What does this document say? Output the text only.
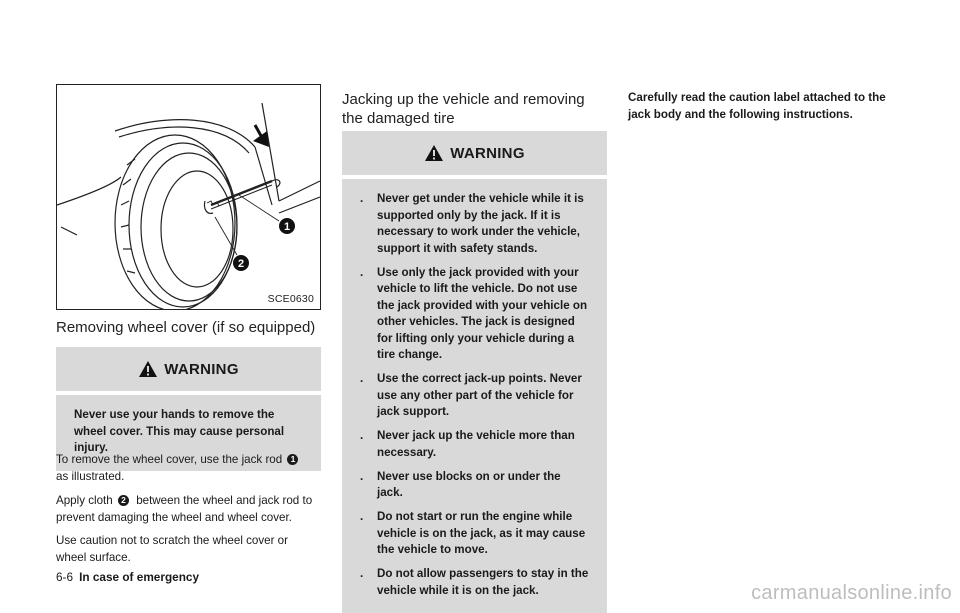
1
2
SCE0630
Removing wheel cover (if so equipped)
WARNING
Never use your hands to remove the wheel cover. This may cause personal injury.

To remove the wheel cover, use the jack rod 1
as illustrated.

Apply cloth 2 between the wheel and jack rod to prevent damaging the wheel and wheel cover.

Use caution not to scratch the wheel cover or wheel surface.

Jacking up the vehicle and removing the damaged tire
WARNING
. Never get under the vehicle while it is supported only by the jack. If it is necessary to work under the vehicle, support it with safety stands.
. Use only the jack provided with your vehicle to lift the vehicle. Do not use the jack provided with your vehicle on other vehicles. The jack is designed for lifting only your vehicle during a tire change.
. Use the correct jack-up points. Never use any other part of the vehicle for jack support.
. Never jack up the vehicle more than necessary.
. Never use blocks on or under the jack.
. Do not start or run the engine while vehicle is on the jack, as it may cause the vehicle to move.
. Do not allow passengers to stay in the vehicle while it is on the jack.

Carefully read the caution label attached to the jack body and the following instructions.

6-6 In case of emergency
carmanualsonline.info
